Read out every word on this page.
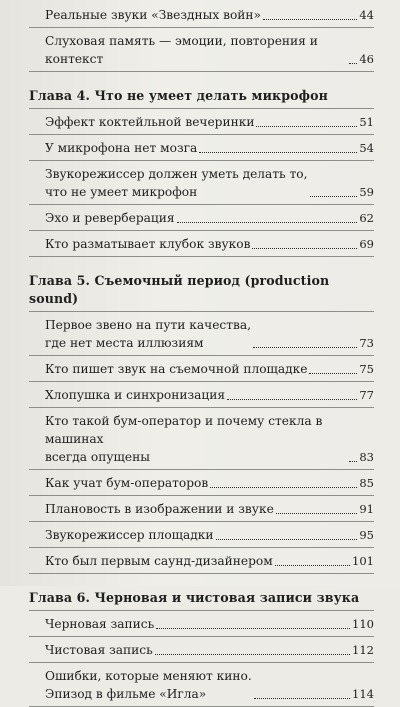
Реальные звуки «Звездных войн»	44
Слуховая память — эмоции, повторения и контекст	46
Глава 4. Что не умеет делать микрофон
Эффект коктейльной вечеринки	51
У микрофона нет мозга	54
Звукорежиссер должен уметь делать то,
что не умеет микрофон	59
Эхо и реверберация	62
Кто разматывает клубок звуков	69
Глава 5. Съемочный период (production sound)
Первое звено на пути качества,
где нет места иллюзиям	73
Кто пишет звук на съемочной площадке	75
Хлопушка и синхронизация	77
Кто такой бум-оператор и почему стекла в машинах
всегда опущены	83
Как учат бум-операторов	85
Плановость в изображении и звуке	91
Звукорежиссер площадки	95
Кто был первым саунд-дизайнером	101
Глава 6. Черновая и чистовая записи звука
Черновая запись	110
Чистовая запись	112
Ошибки, которые меняют кино.
Эпизод в фильме «Игла»	114
